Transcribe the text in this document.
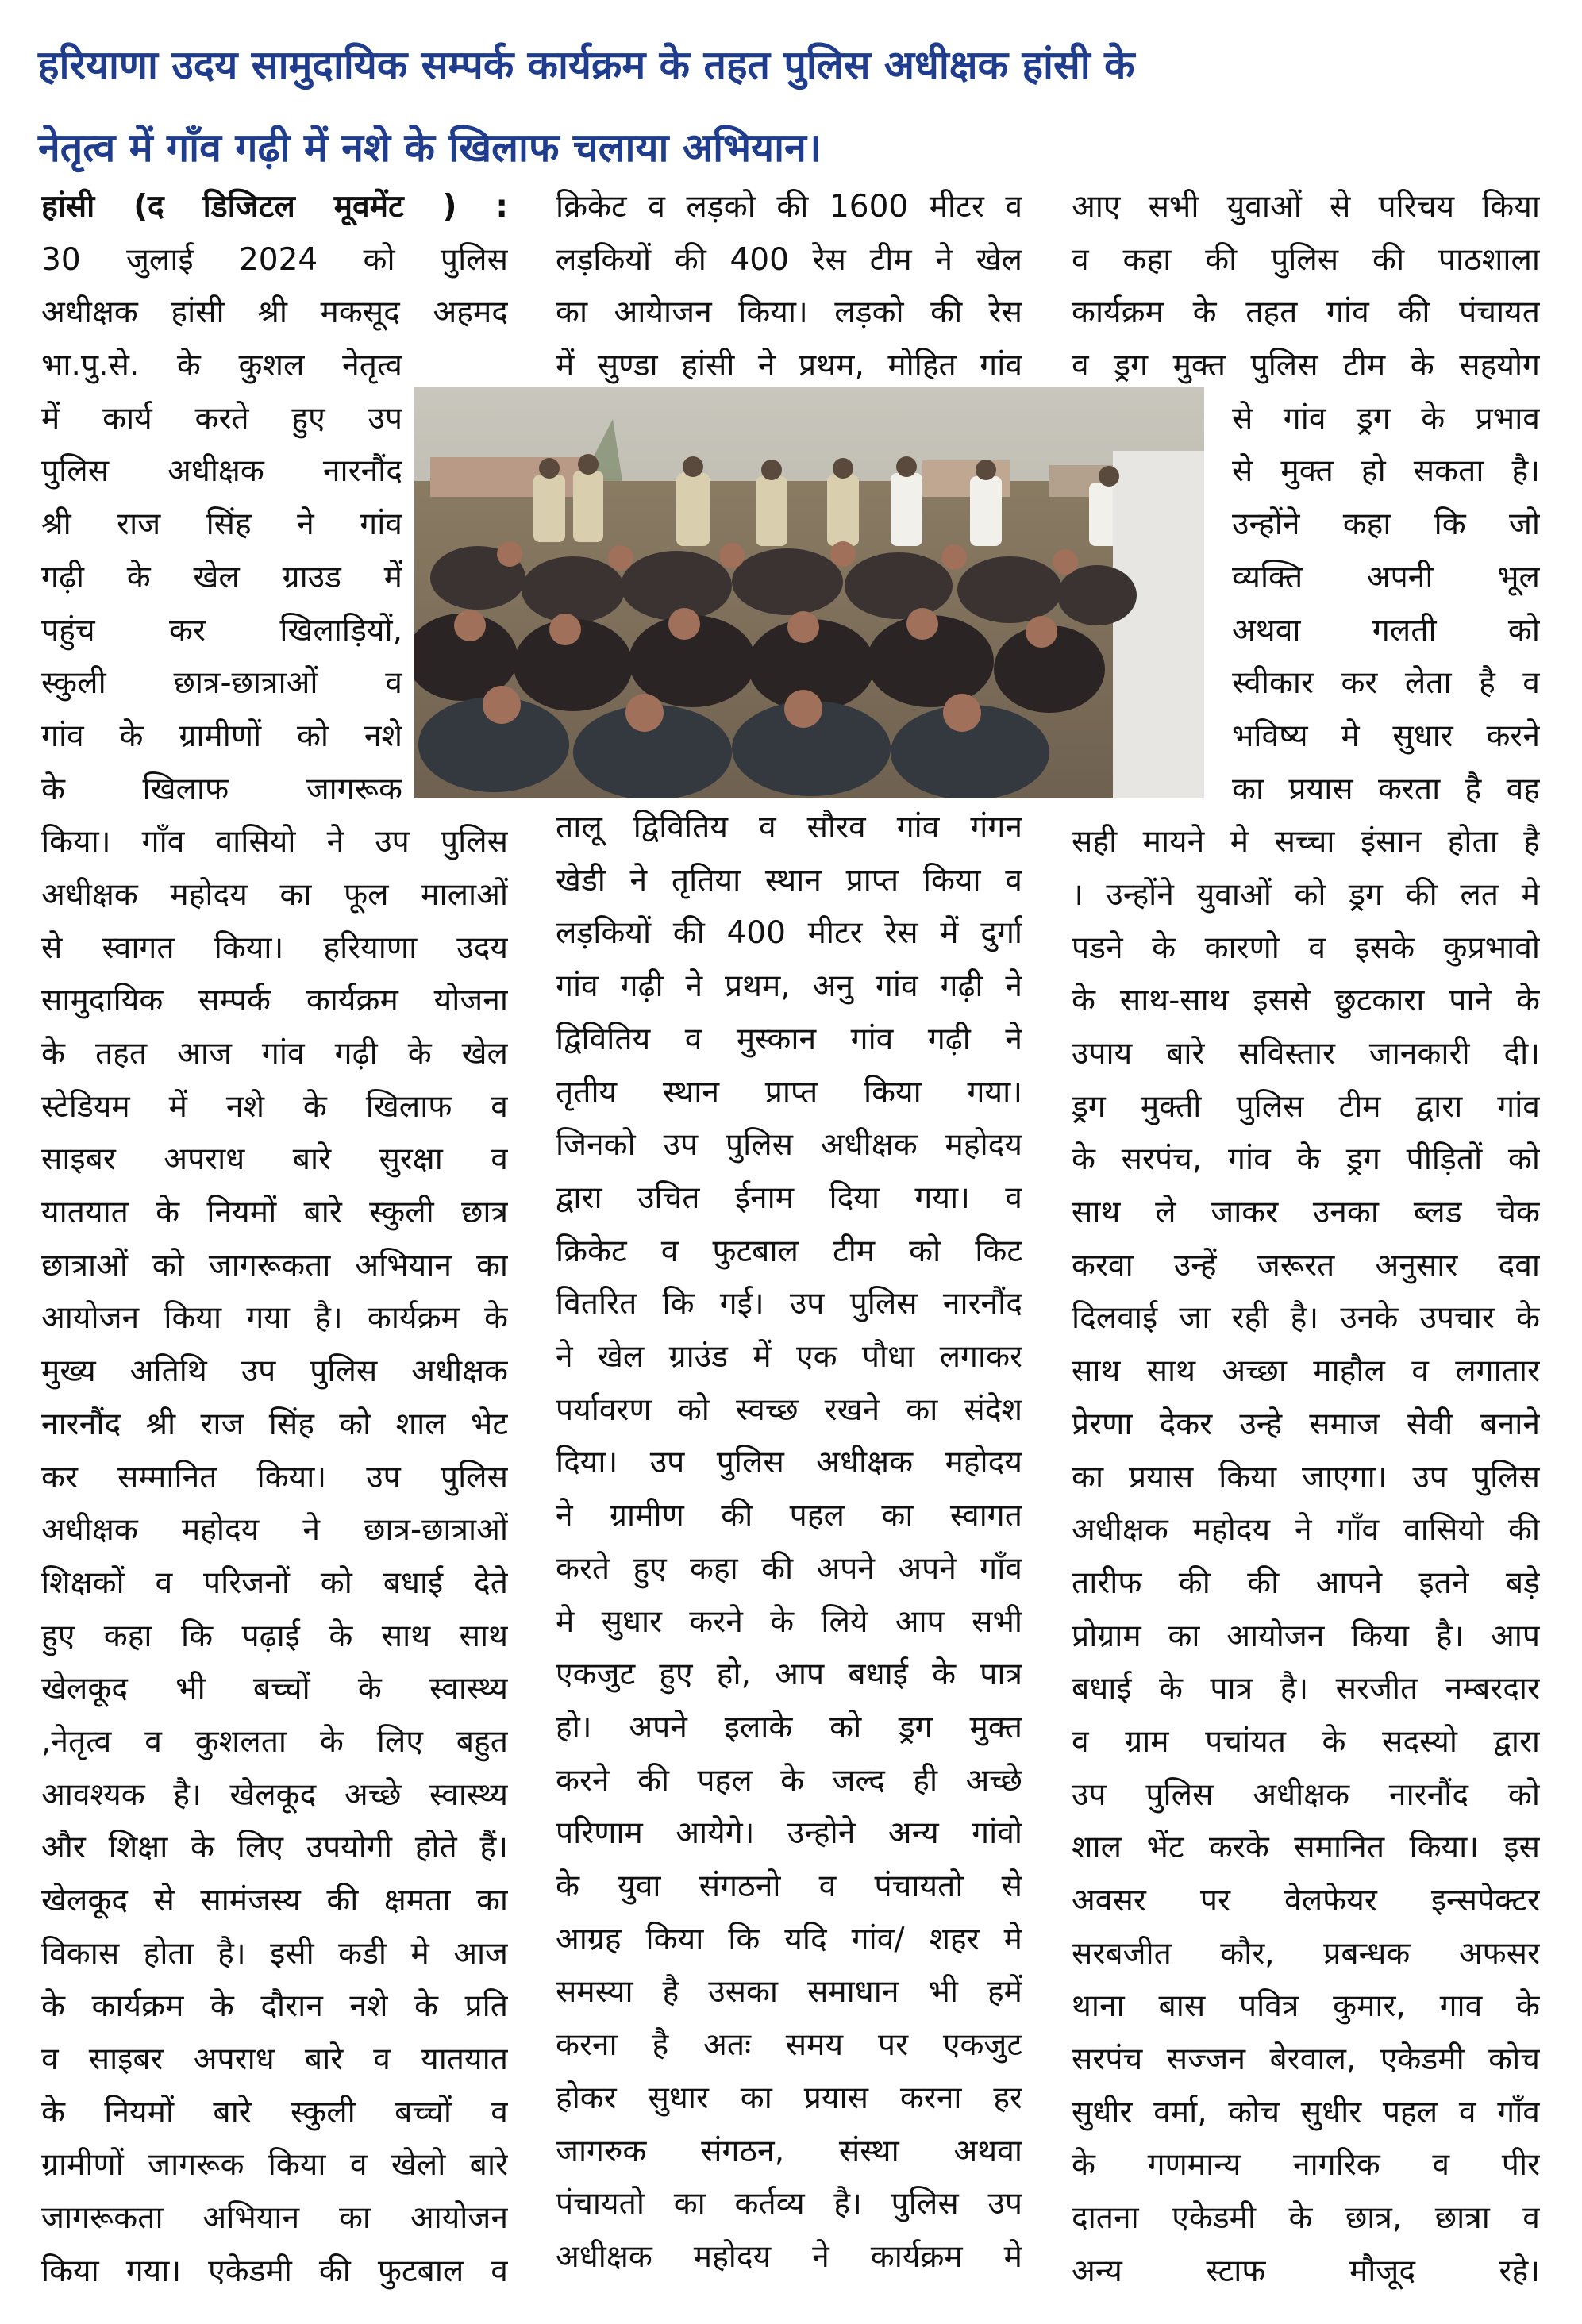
हरियाणा उदय सामुदायिक सम्पर्क कार्यक्रम के तहत पुलिस अधीक्षक हांसी के
नेतृत्व में गाँव गढ़ी में नशे के खिलाफ चलाया अभियान।
हांसी (द डिजिटल मूवमेंट ) :
30 जुलाई 2024 को पुलिस
अधीक्षक हांसी श्री मकसूद अहमद
भा.पु.से. के कुशल नेतृत्व
में कार्य करते हुए उप
पुलिस अधीक्षक नारनौंद
श्री राज सिंह ने गांव
गढ़ी के खेल ग्राउड में
पहुंच कर खिलाड़ियों,
स्कुली छात्र-छात्राओं व
गांव के ग्रामीणों को नशे
के खिलाफ जागरूक
किया। गाँव वासियो ने उप पुलिस
अधीक्षक महोदय का फूल मालाओं
से स्वागत किया। हरियाणा उदय
सामुदायिक सम्पर्क कार्यक्रम योजना
के तहत आज गांव गढ़ी के खेल
स्टेडियम में नशे के खिलाफ व
साइबर अपराध बारे सुरक्षा व
यातयात के नियमों बारे स्कुली छात्र
छात्राओं को जागरूकता अभियान का
आयोजन किया गया है। कार्यक्रम के
मुख्य अतिथि उप पुलिस अधीक्षक
नारनौंद श्री राज सिंह को शाल भेट
कर सम्मानित किया। उप पुलिस
अधीक्षक महोदय ने छात्र-छात्राओं
शिक्षकों व परिजनों को बधाई देते
हुए कहा कि पढ़ाई के साथ साथ
खेलकूद भी बच्चों के स्वास्थ्य
,नेतृत्व व कुशलता के लिए बहुत
आवश्यक है। खेलकूद अच्छे स्वास्थ्य
और शिक्षा के लिए उपयोगी होते हैं।
खेलकूद से सामंजस्य की क्षमता का
विकास होता है। इसी कडी मे आज
के कार्यक्रम के दौरान नशे के प्रति
व साइबर अपराध बारे व यातयात
के नियमों बारे स्कुली बच्चों व
ग्रामीणों जागरूक किया व खेलो बारे
जागरूकता अभियान का आयोजन
किया गया। एकेडमी की फुटबाल व
क्रिकेट व लड़को की 1600 मीटर व
लड़कियों की 400 रेस टीम ने खेल
का आयेाजन किया। लड़को की रेस
में सुण्डा हांसी ने प्रथम, मोहित गांव
तालू द्विवितिय व सौरव गांव गंगन
खेडी ने तृतिया स्थान प्राप्त किया व
लड़कियों की 400 मीटर रेस में दुर्गा
गांव गढ़ी ने प्रथम, अनु गांव गढ़ी ने
द्विवितिय व मुस्कान गांव गढ़ी ने
तृतीय स्थान प्राप्त किया गया।
जिनको उप पुलिस अधीक्षक महोदय
द्वारा उचित ईनाम दिया गया। व
क्रिकेट व फुटबाल टीम को किट
वितरित कि गई। उप पुलिस नारनौंद
ने खेल ग्राउंड में एक पौधा लगाकर
पर्यावरण को स्वच्छ रखने का संदेश
दिया। उप पुलिस अधीक्षक महोदय
ने ग्रामीण की पहल का स्वागत
करते हुए कहा की अपने अपने गाँव
मे सुधार करने के लिये आप सभी
एकजुट हुए हो, आप बधाई के पात्र
हो। अपने इलाके को ड्रग मुक्त
करने की पहल के जल्द ही अच्छे
परिणाम आयेगे। उन्होने अन्य गांवो
के युवा संगठनो व पंचायतो से
आग्रह किया कि यदि गांव/ शहर मे
समस्या है उसका समाधान भी हमें
करना है अतः समय पर एकजुट
होकर सुधार का प्रयास करना हर
जागरुक संगठन, संस्था अथवा
पंचायतो का कर्तव्य है। पुलिस उप
अधीक्षक महोदय ने कार्यक्रम मे
आए सभी युवाओं से परिचय किया
व कहा की पुलिस की पाठशाला
कार्यक्रम के तहत गांव की पंचायत
व ड्रग मुक्त पुलिस टीम के सहयोग
से गांव ड्रग के प्रभाव
से मुक्त हो सकता है।
उन्होंने कहा कि जो
व्यक्ति अपनी भूल
अथवा गलती को
स्वीकार कर लेता है व
भविष्य मे सुधार करने
का प्रयास करता है वह
सही मायने मे सच्चा इंसान होता है
। उन्होंने युवाओं को ड्रग की लत मे
पडने के कारणो व इसके कुप्रभावो
के साथ-साथ इससे छुटकारा पाने के
उपाय बारे सविस्तार जानकारी दी।
ड्रग मुक्ती पुलिस टीम द्वारा गांव
के सरपंच, गांव के ड्रग पीड़ितों को
साथ ले जाकर उनका ब्लड चेक
करवा उन्हें जरूरत अनुसार दवा
दिलवाई जा रही है। उनके उपचार के
साथ साथ अच्छा माहौल व लगातार
प्रेरणा देकर उन्हे समाज सेवी बनाने
का प्रयास किया जाएगा। उप पुलिस
अधीक्षक महोदय ने गाँव वासियो की
तारीफ की की आपने इतने बड़े
प्रोग्राम का आयोजन किया है। आप
बधाई के पात्र है। सरजीत नम्बरदार
व ग्राम पचांयत के सदस्यो द्वारा
उप पुलिस अधीक्षक नारनौंद को
शाल भेंट करके समानित किया। इस
अवसर पर वेलफेयर इन्सपेक्टर
सरबजीत कौर, प्रबन्धक अफसर
थाना बास पवित्र कुमार, गाव के
सरपंच सज्जन बेरवाल, एकेडमी कोच
सुधीर वर्मा, कोच सुधीर पहल व गाँव
के गणमान्य नागरिक व पीर
दातना एकेडमी के छात्र, छात्रा व
अन्य स्टाफ मौजूद रहे।
